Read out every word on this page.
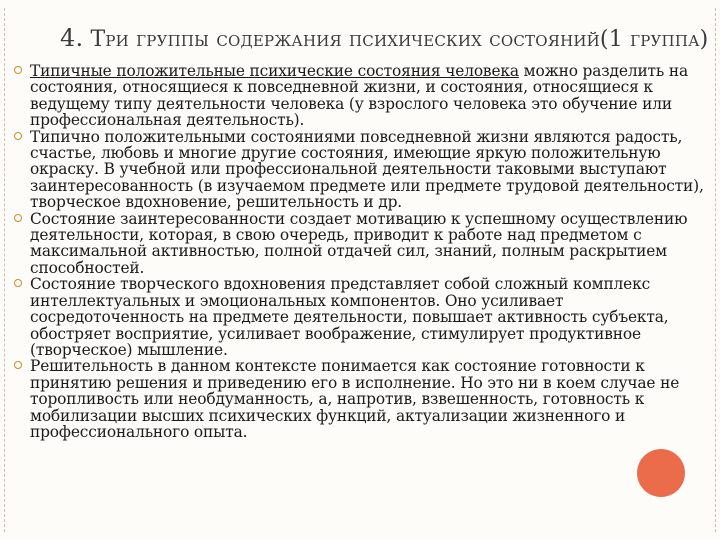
4. Три группы содержания психических состояний(1 группа)
Типичные положительные психические состояния человека можно разделить на состояния, относящиеся к повседневной жизни, и состояния, относящиеся к ведущему типу деятельности человека (у взрослого человека это обучение или профессиональная деятельность).
Типично положительными состояниями повседневной жизни являются радость, счастье, любовь и многие другие состояния, имеющие яркую положительную окраску. В учебной или профессиональной деятельности таковыми выступают заинтересованность (в изучаемом предмете или предмете трудовой деятельности), творческое вдохновение, решительность и др.
Состояние заинтересованности создает мотивацию к успешному осуществлению деятельности, которая, в свою очередь, приводит к работе над предметом с максимальной активностью, полной отдачей сил, знаний, полным раскрытием способностей.
Состояние творческого вдохновения представляет собой сложный комплекс интеллектуальных и эмоциональных компонентов. Оно усиливает сосредоточенность на предмете деятельности, повышает активность субъекта, обостряет восприятие, усиливает воображение, стимулирует продуктивное (творческое) мышление.
Решительность в данном контексте понимается как состояние готовности к принятию решения и приведению его в исполнение. Но это ни в коем случае не торопливость или необдуманность, а, напротив, взвешенность, готовность к мобилизации высших психических функций, актуализации жизненного и профессионального опыта.
